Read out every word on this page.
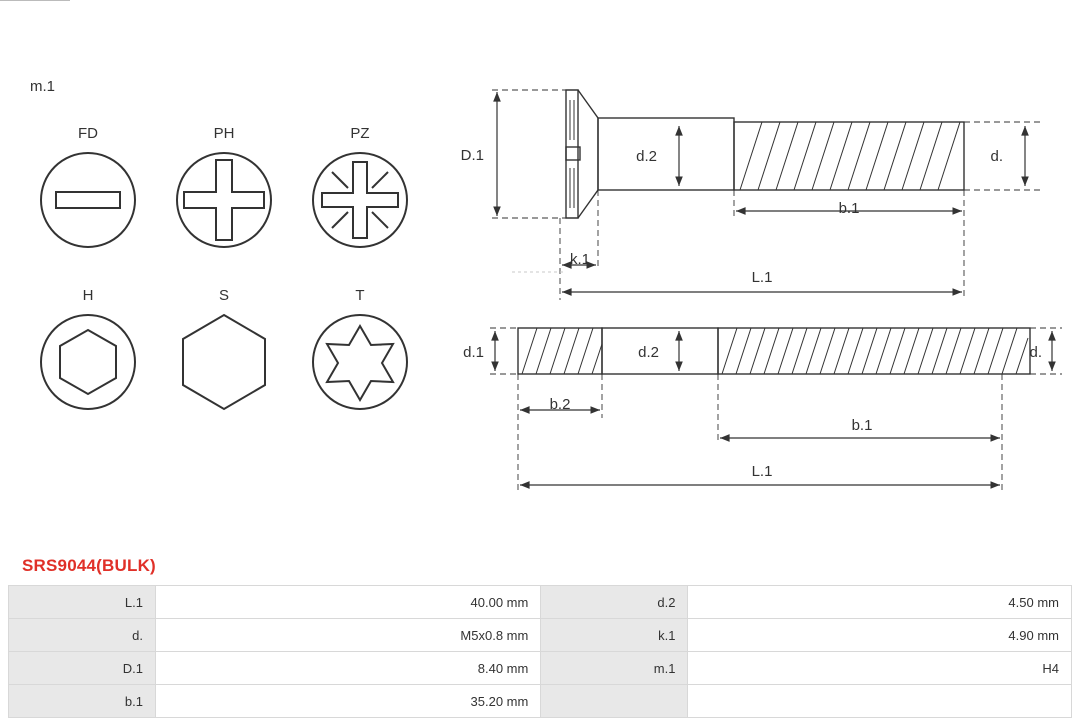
m.1
FD	PH	PZ
H	S	T
D.1	d.2	d.
b.1
k.1
L.1
d.1	d.2	d.
b.2
b.1
L.1
SRS9044(BULK)
L.1	40.00 mm	d.2	4.50 mm
d.	M5x0.8 mm	k.1	4.90 mm
D.1	8.40 mm	m.1	H4
b.1	35.20 mm		
